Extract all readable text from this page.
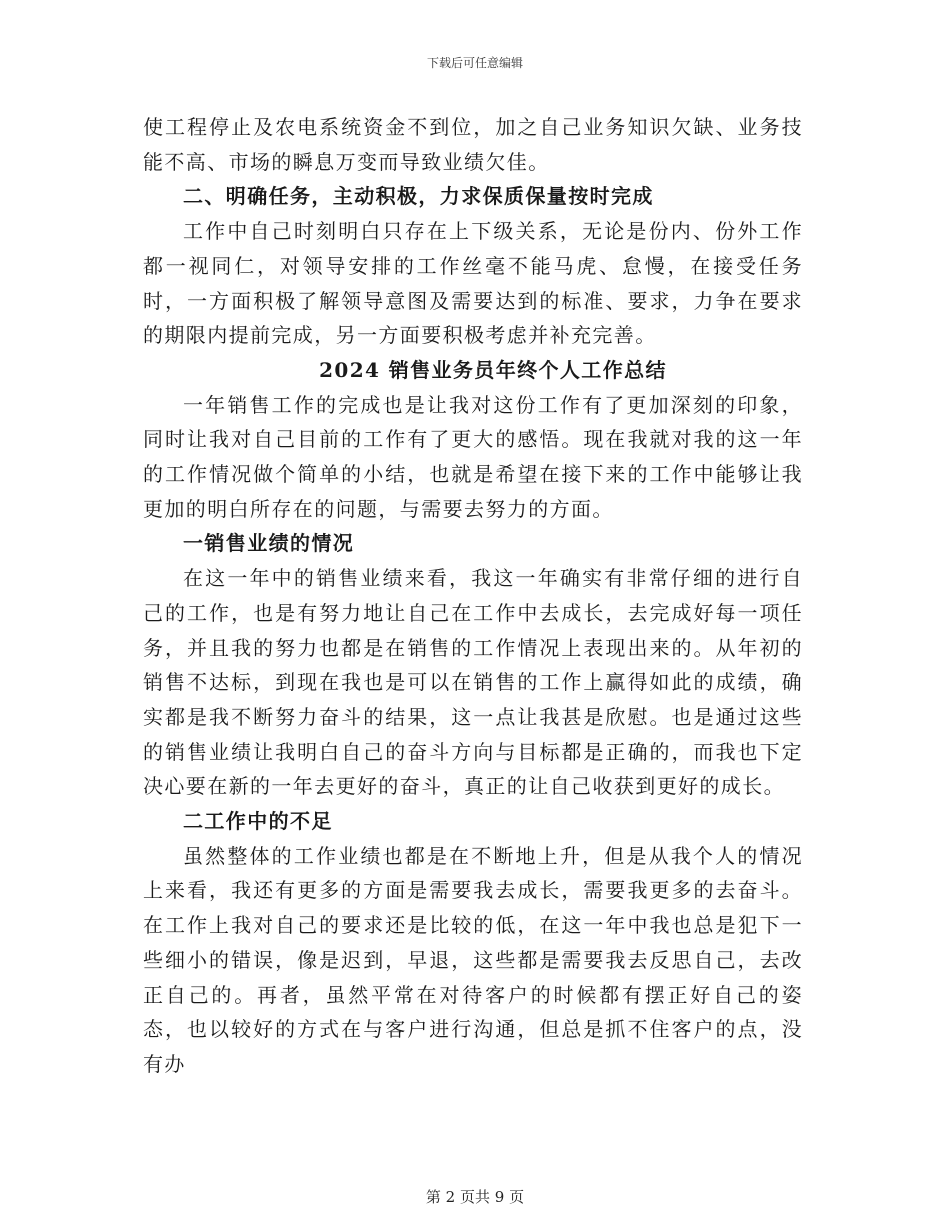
下载后可任意编辑

使工程停止及农电系统资金不到位，加之自己业务知识欠缺、业务技能不高、市场的瞬息万变而导致业绩欠佳。

二、明确任务，主动积极，力求保质保量按时完成

工作中自己时刻明白只存在上下级关系，无论是份内、份外工作都一视同仁，对领导安排的工作丝毫不能马虎、怠慢，在接受任务时，一方面积极了解领导意图及需要达到的标准、要求，力争在要求的期限内提前完成，另一方面要积极考虑并补充完善。

2024 销售业务员年终个人工作总结

一年销售工作的完成也是让我对这份工作有了更加深刻的印象，同时让我对自己目前的工作有了更大的感悟。现在我就对我的这一年的工作情况做个简单的小结，也就是希望在接下来的工作中能够让我更加的明白所存在的问题，与需要去努力的方面。

一销售业绩的情况

在这一年中的销售业绩来看，我这一年确实有非常仔细的进行自己的工作，也是有努力地让自己在工作中去成长，去完成好每一项任务，并且我的努力也都是在销售的工作情况上表现出来的。从年初的销售不达标，到现在我也是可以在销售的工作上赢得如此的成绩，确实都是我不断努力奋斗的结果，这一点让我甚是欣慰。也是通过这些的销售业绩让我明白自己的奋斗方向与目标都是正确的，而我也下定决心要在新的一年去更好的奋斗，真正的让自己收获到更好的成长。

二工作中的不足

虽然整体的工作业绩也都是在不断地上升，但是从我个人的情况上来看，我还有更多的方面是需要我去成长，需要我更多的去奋斗。在工作上我对自己的要求还是比较的低，在这一年中我也总是犯下一些细小的错误，像是迟到，早退，这些都是需要我去反思自己，去改正自己的。再者，虽然平常在对待客户的时候都有摆正好自己的姿态，也以较好的方式在与客户进行沟通，但总是抓不住客户的点，没有办

第 2 页共 9 页
